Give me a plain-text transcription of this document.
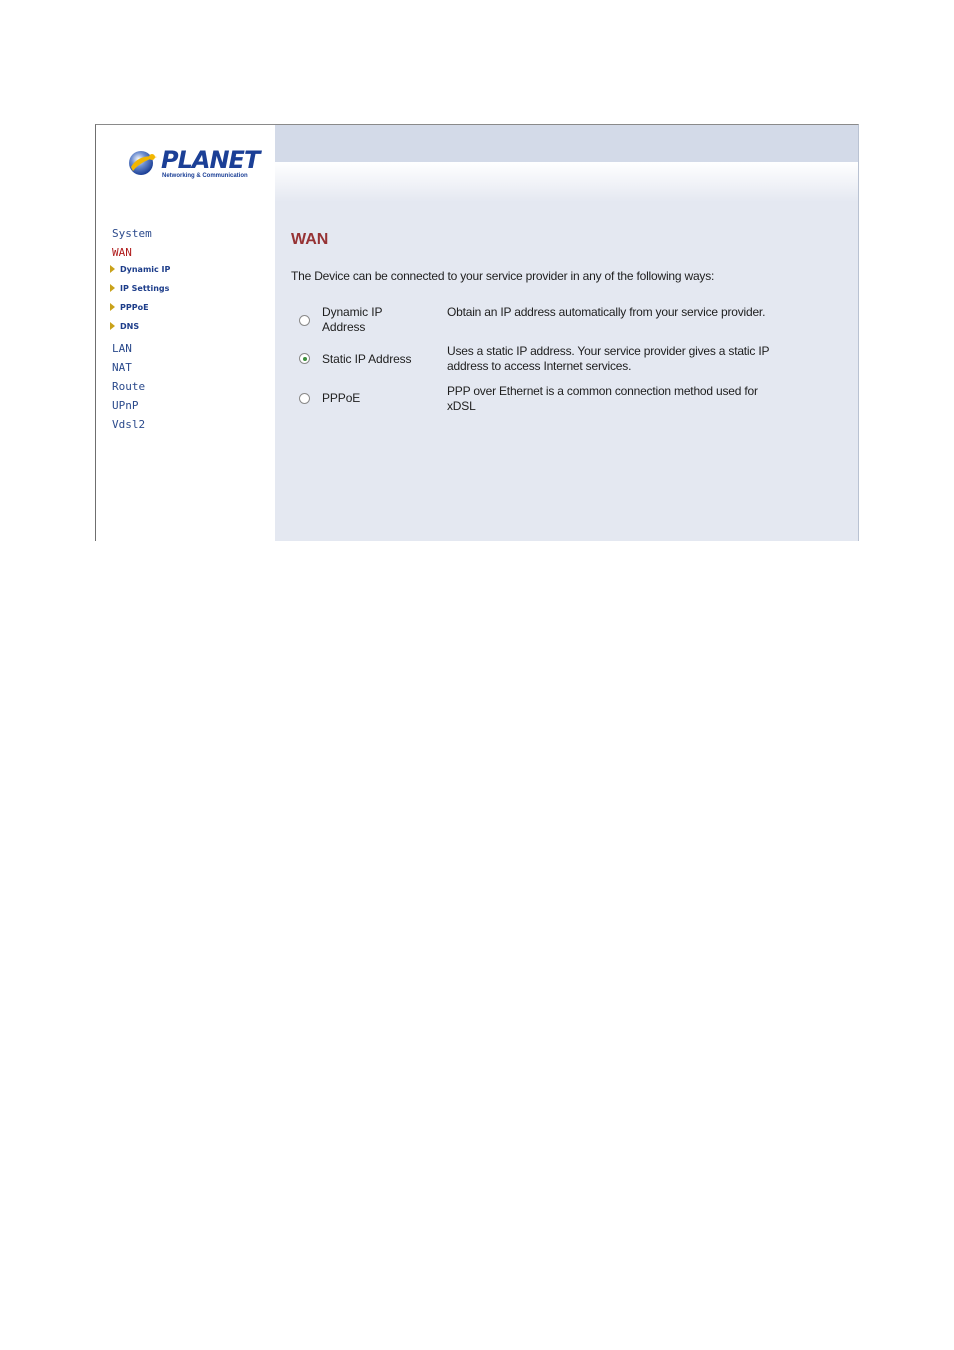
PLANET
Networking & Communication
System
WAN
Dynamic IP
IP Settings
PPPoE
DNS
LAN
NAT
Route
UPnP
Vdsl2
WAN
The Device can be connected to your service provider in any of the following ways:
Dynamic IP Address
Obtain an IP address automatically from your service provider.
Static IP Address
Uses a static IP address. Your service provider gives a static IP address to access Internet services.
PPPoE	PPP over Ethernet is a common connection method used for xDSL
